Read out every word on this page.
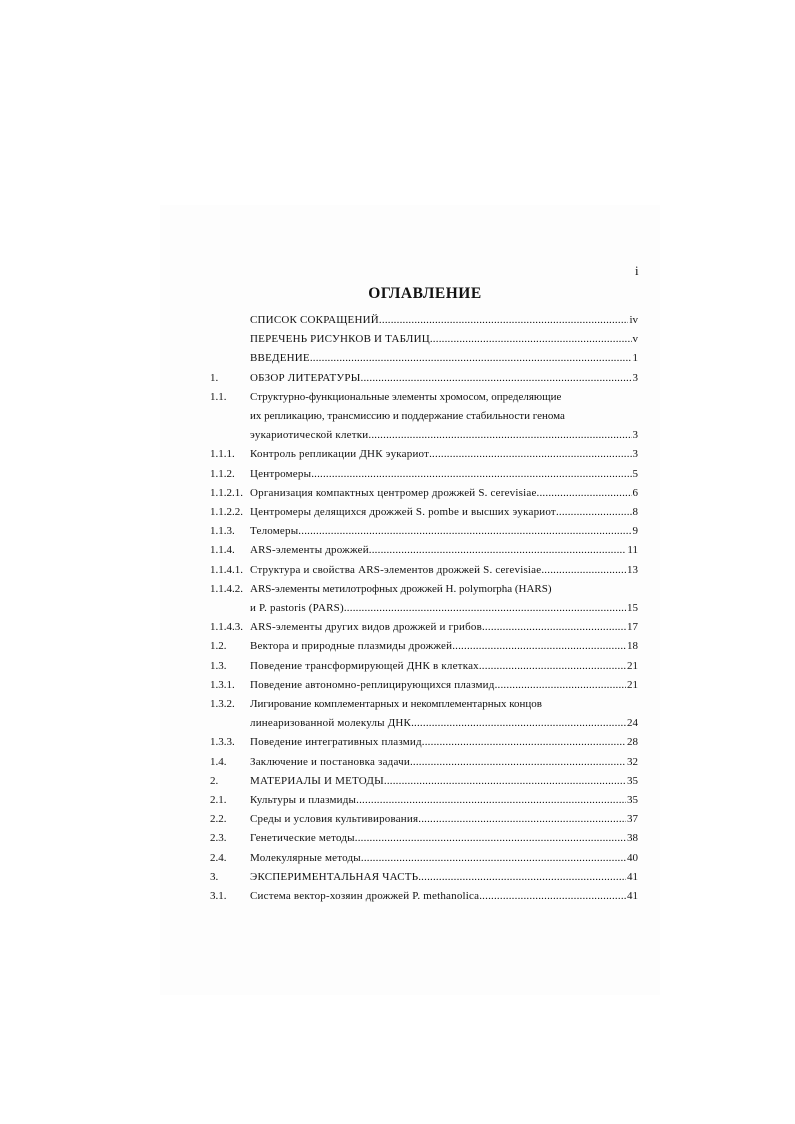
i
ОГЛАВЛЕНИЕ
СПИСОК СОКРАЩЕНИЙ .....	iv
ПЕРЕЧЕНЬ РИСУНКОВ И ТАБЛИЦ .....	v
ВВЕДЕНИЕ .....	1
1.	ОБЗОР ЛИТЕРАТУРЫ .....	3
1.1.	Структурно-функциональные элементы хромосом, определяющие
их репликацию, трансмиссию и поддержание стабильности генома
эукариотической клетки .....	3
1.1.1.	Контроль репликации ДНК эукариот .....	3
1.1.2.	Центромеры .....	5
1.1.2.1. Организация компактных центромер дрожжей S. cerevisiae .....	6
1.1.2.2. Центромеры делящихся дрожжей S. pombe и высших эукариот .....	8
1.1.3.	Теломеры .....	9
1.1.4.	ARS-элементы дрожжей .....	11
1.1.4.1. Структура и свойства ARS-элементов дрожжей S. cerevisiae .....	13
1.1.4.2. ARS-элементы метилотрофных дрожжей H. polymorpha (HARS)
и P. pastoris (PARS) .....	15
1.1.4.3. ARS-элементы других видов дрожжей и грибов .....	17
1.2.	Вектора и природные плазмиды дрожжей .....	18
1.3.	Поведение трансформирующей ДНК в клетках .....	21
1.3.1.	Поведение автономно-реплицирующихся плазмид .....	21
1.3.2.	Лигирование комплементарных и некомплементарных концов
линеаризованной молекулы ДНК .....	24
1.3.3.	Поведение интегративных плазмид .....	28
1.4.	Заключение и постановка задачи .....	32
2.	МАТЕРИАЛЫ И МЕТОДЫ .....	35
2.1.	Культуры и плазмиды .....	35
2.2.	Среды и условия культивирования .....	37
2.3.	Генетические методы .....	38
2.4.	Молекулярные методы .....	40
3.	ЭКСПЕРИМЕНТАЛЬНАЯ ЧАСТЬ .....	41
3.1.	Система вектор-хозяин дрожжей P. methanolica .....	41
